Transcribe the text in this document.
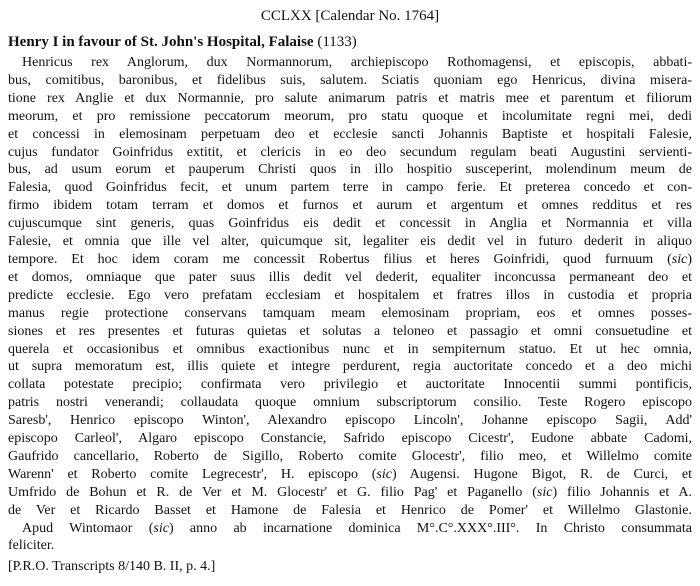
CCLXX [Calendar No. 1764]
Henry I in favour of St. John's Hospital, Falaise (1133)
Henricus rex Anglorum, dux Normannorum, archiepiscopo Rothomagensi, et episcopis, abbati-
bus, comitibus, baronibus, et fidelibus suis, salutem. Sciatis quoniam ego Henricus, divina misera-
tione rex Anglie et dux Normannie, pro salute animarum patris et matris mee et parentum et filiorum
meorum, et pro remissione peccatorum meorum, pro statu quoque et incolumitate regni mei, dedi
et concessi in elemosinam perpetuam deo et ecclesie sancti Johannis Baptiste et hospitali Falesie,
cujus fundator Goinfridus extitit, et clericis in eo deo secundum regulam beati Augustini servienti-
bus, ad usum eorum et pauperum Christi quos in illo hospitio susceperint, molendinum meum de
Falesia, quod Goinfridus fecit, et unum partem terre in campo ferie. Et preterea concedo et con-
firmo ibidem totam terram et domos et furnos et aurum et argentum et omnes redditus et res
cujuscumque sint generis, quas Goinfridus eis dedit et concessit in Anglia et Normannia et villa
Falesie, et omnia que ille vel alter, quicumque sit, legaliter eis dedit vel in futuro dederit in aliquo
tempore. Et hoc idem coram me concessit Robertus filius et heres Goinfridi, quod furnuum (sic)
et domos, omniaque que pater suus illis dedit vel dederit, equaliter inconcussa permaneant deo et
predicte ecclesie. Ego vero prefatam ecclesiam et hospitalem et fratres illos in custodia et propria
manus regie protectione conservans tamquam meam elemosinam propriam, eos et omnes posses-
siones et res presentes et futuras quietas et solutas a teloneo et passagio et omni consuetudine et
querela et occasionibus et omnibus exactionibus nunc et in sempiternum statuo. Et ut hec omnia,
ut supra memoratum est, illis quiete et integre perdurent, regia auctoritate concedo et a deo michi
collata potestate precipio; confirmata vero privilegio et auctoritate Innocentii summi pontificis,
patris nostri venerandi; collaudata quoque omnium subscriptorum consilio. Teste Rogero episcopo
Saresb', Henrico episcopo Winton', Alexandro episcopo Lincoln', Johanne episcopo Sagii, Add'
episcopo Carleol', Algaro episcopo Constancie, Safrido episcopo Cicestr', Eudone abbate Cadomi,
Gaufrido cancellario, Roberto de Sigillo, Roberto comite Glocestr', filio meo, et Willelmo comite
Warenn' et Roberto comite Legrecestr', H. episcopo (sic) Augensi. Hugone Bigot, R. de Curci, et
Umfrido de Bohun et R. de Ver et M. Glocestr' et G. filio Pag' et Paganello (sic) filio Johannis et A.
de Ver et Ricardo Basset et Hamone de Falesia et Henrico de Pomer' et Willelmo Glastonie.
Apud Wintomaor (sic) anno ab incarnatione dominica M°.C°.XXX°.III°. In Christo consummata
feliciter.
[P.R.O. Transcripts 8/140 B. II, p. 4.]
